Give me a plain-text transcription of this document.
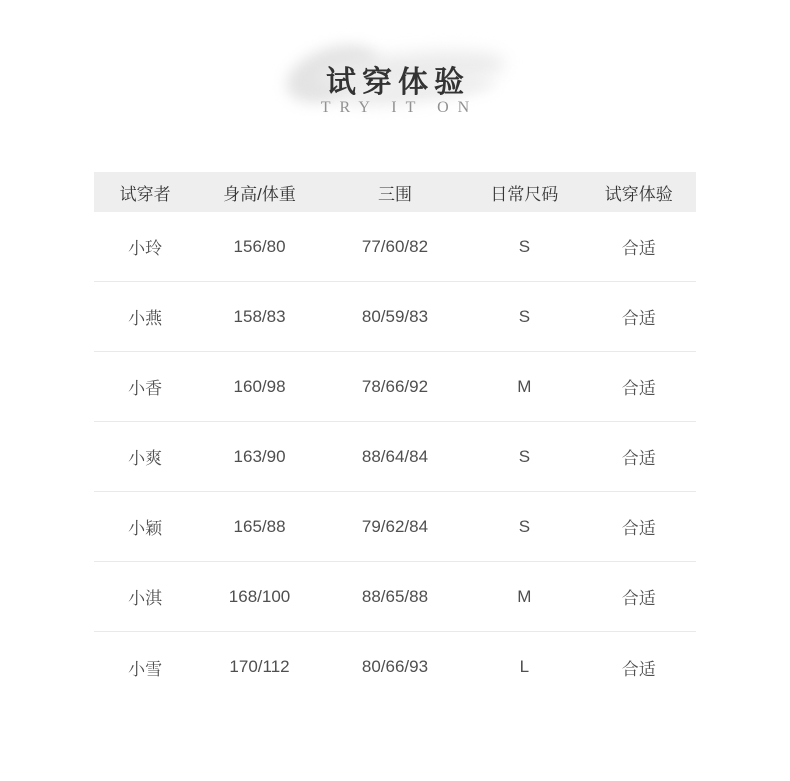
试穿体验
TRY IT ON
试穿者	身高/体重	三围	日常尺码	试穿体验
小玲	156/80	77/60/82	S	合适
小燕	158/83	80/59/83	S	合适
小香	160/98	78/66/92	M	合适
小爽	163/90	88/64/84	S	合适
小颖	165/88	79/62/84	S	合适
小淇	168/100	88/65/88	M	合适
小雪	170/112	80/66/93	L	合适
